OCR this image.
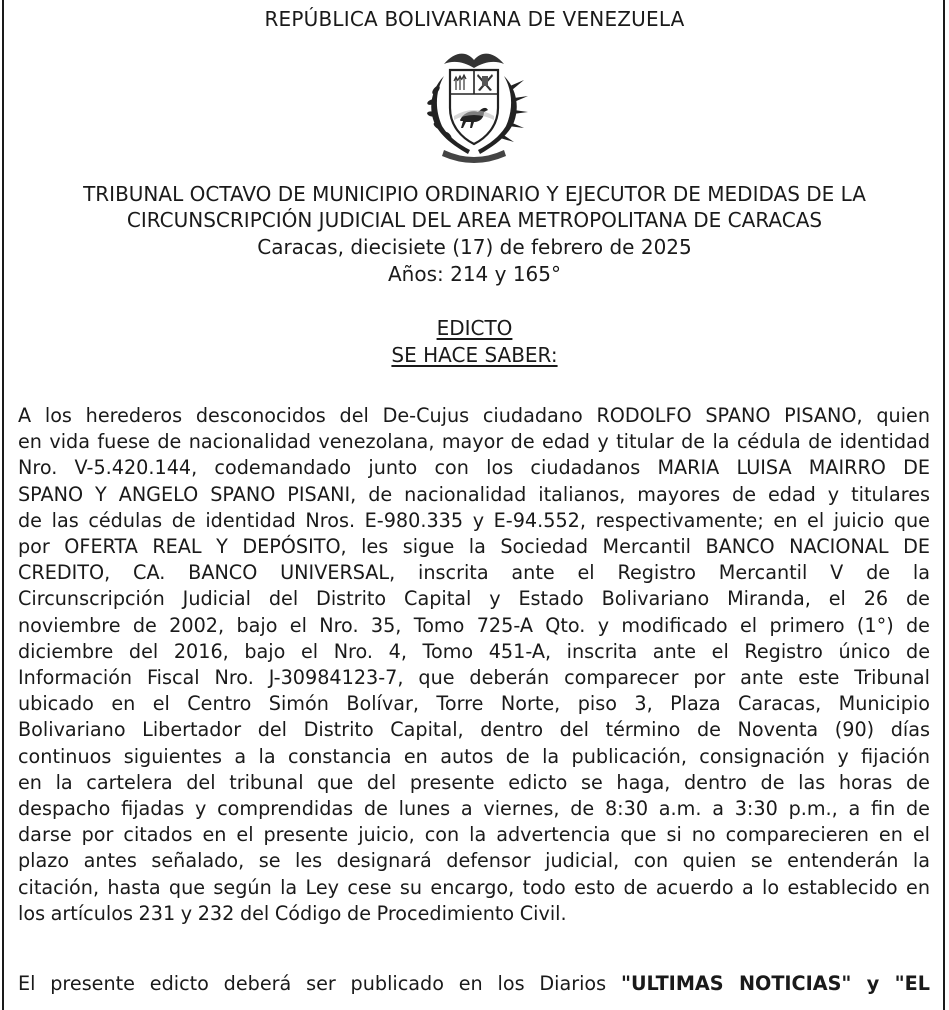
REPÚBLICA BOLIVARIANA DE VENEZUELA
TRIBUNAL OCTAVO DE MUNICIPIO ORDINARIO Y EJECUTOR DE MEDIDAS DE LA
CIRCUNSCRIPCIÓN JUDICIAL DEL AREA METROPOLITANA DE CARACAS
Caracas, diecisiete (17) de febrero de 2025
Años: 214 y 165°
EDICTO
SE HACE SABER:
A los herederos desconocidos del De-Cujus ciudadano RODOLFO SPANO PISANO, quien
en vida fuese de nacionalidad venezolana, mayor de edad y titular de la cédula de identidad
Nro. V-5.420.144, codemandado junto con los ciudadanos MARIA LUISA MAIRRO DE
SPANO Y ANGELO SPANO PISANI, de nacionalidad italianos, mayores de edad y titulares
de las cédulas de identidad Nros. E-980.335 y E-94.552, respectivamente; en el juicio que
por OFERTA REAL Y DEPÓSITO, les sigue la Sociedad Mercantil BANCO NACIONAL DE
CREDITO, CA. BANCO UNIVERSAL, inscrita ante el Registro Mercantil V de la
Circunscripción Judicial del Distrito Capital y Estado Bolivariano Miranda, el 26 de
noviembre de 2002, bajo el Nro. 35, Tomo 725-A Qto. y modificado el primero (1°) de
diciembre del 2016, bajo el Nro. 4, Tomo 451-A, inscrita ante el Registro único de
Información Fiscal Nro. J-30984123-7, que deberán comparecer por ante este Tribunal
ubicado en el Centro Simón Bolívar, Torre Norte, piso 3, Plaza Caracas, Municipio
Bolivariano Libertador del Distrito Capital, dentro del término de Noventa (90) días
continuos siguientes a la constancia en autos de la publicación, consignación y fijación
en la cartelera del tribunal que del presente edicto se haga, dentro de las horas de
despacho fijadas y comprendidas de lunes a viernes, de 8:30 a.m. a 3:30 p.m., a fin de
darse por citados en el presente juicio, con la advertencia que si no comparecieren en el
plazo antes señalado, se les designará defensor judicial, con quien se entenderán la
citación, hasta que según la Ley cese su encargo, todo esto de acuerdo a lo establecido en
los artículos 231 y 232 del Código de Procedimiento Civil.
El presente edicto deberá ser publicado en los Diarios "ULTIMAS NOTICIAS" y "EL
